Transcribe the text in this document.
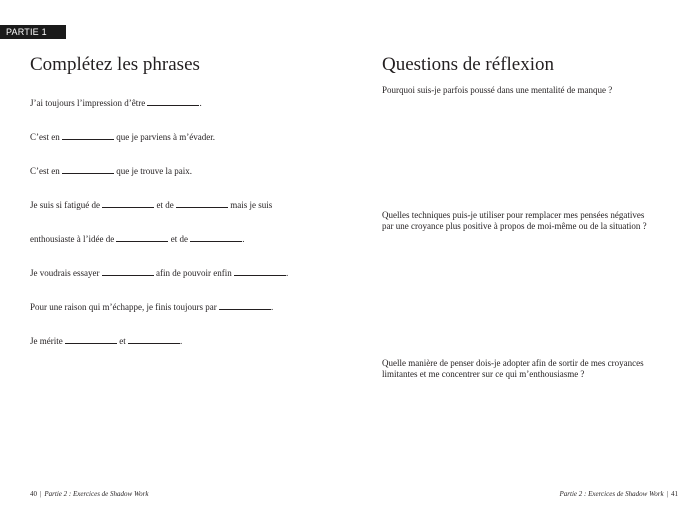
PARTIE 1
Complétez les phrases

J’ai toujours l’impression d’être	.

C’est en	que je parviens à m’évader.

C’est en	que je trouve la paix.

Je suis si fatigué de	et de	mais je suis

enthousiaste à l’idée de	et de	.

Je voudrais essayer	afin de pouvoir enfin	.

Pour une raison qui m’échappe, je finis toujours par	.

Je mérite	et	.

Questions de réflexion

Pourquoi suis-je parfois poussé dans une mentalité de manque ?

Quelles techniques puis-je utiliser pour remplacer mes pensées négatives par une croyance plus positive à propos de moi-même ou de la situation ?

Quelle manière de penser dois-je adopter afin de sortir de mes croyances limitantes et me concentrer sur ce qui m’enthousiasme ?

40 | Partie 2 : Exercices de Shadow Work	Partie 2 : Exercices de Shadow Work | 41
